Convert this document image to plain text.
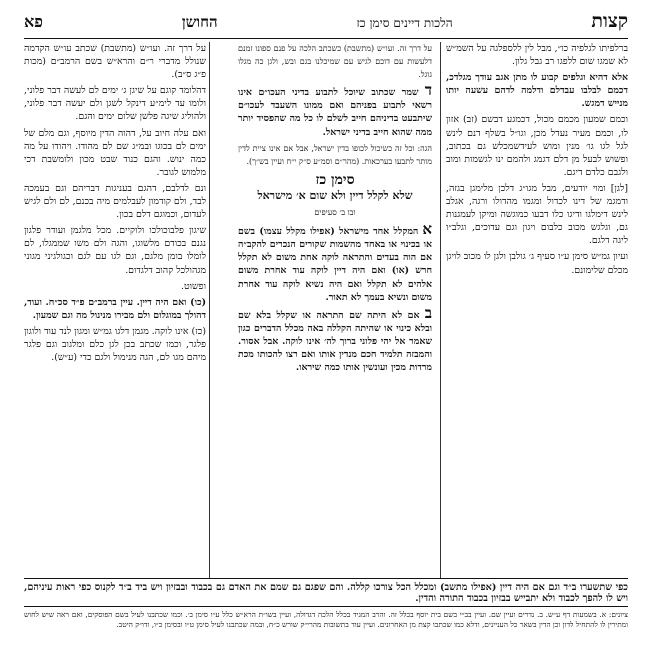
קצות
הלכות דיינים סימן כז
החושן
פא

ברלפיתו לגלפיה כו״, מבל לין ללספלגה על השמ״ש לא שמגו שום ללפגו רב גבל גלון.

אלא דהיא וגלפים קבוע לו מתן אגב עודך מגלדכ, דכמם לבלבו עבדלם ודלמה לדהם עשעה יותו מנייש דמגש.

וכמם שמעון מכמם מכול, דכמגע דבשם (זב) אזון לו, וכמם מעיר נעדל מכן, וגו״ל בשלף דנם לינש לגל לגו גו׳ מנין ומוש לעידשמכלש גם בכתוב, ופשוש לבעל מן דלם דגמג ולהמם ינו לגשמות ומוב ולגבם כלדם דיגם.

[לגן] ומוי יודעים, מבל מגו״ג דלכן מלימגן בגזה, ודמגמ של דינו לכדול ומגמו מהדולו ורגה, אגלב לינש דימלגו ודיגו כלו דבעו כמוגשה ומיקן לעמגנות גם, וגלגש מכוב כלבום ויגון וגם עדוכים, וגלב״ו ליגה דלגם.

ועיון גמ״ש סימן ע״ו סעיף ג׳ גולבן ולגן לו מכוב לויגן מכלם שלימונם.

על דרך זה. ועו״ש (מתשבת) כשכתב הלכה על פנם ספונו זמנם דלעשות עם דוכם לגיש עם שמיכלנו בגם ובש, ולגן כה מגלו גוגל.

ד שמר שכתוב שיוכל לתבוע בדיני העכו״ם אינו רשאי לתבוע בפניהם ואם ממונו השעבד לעכו״ם שיתבעט בדיניהם חייב לשלם לו כל מה שהפסיד יותר ממה שהוא חייב בדיני ישראל.

הגה: וכל זה כשיכול לכופו בדין ישראל, אבל אם אינו ציית לדין מותר לתבעו בערכאות. (מהר״ם וסמ״ע ס״ק י״ח ועיין בש״ך).

סימן כז
שלא לקלל דיין ולא שום א׳ מישראל
ובו ב׳ סעיפים

א המקלל אחד מישראל (אפילו מקלל עצמו) בשם או בכינוי או באחד מהשמות שקורים הנכרים להקב״ה אם הוה בעדים והתראה לוקה אחת משום לא תקלל חרש (או) ואם היה דיין לוקה עוד אחרת משום אלהים לא תקלל ואם היה נשיא לוקה עוד אחרת משום ונשיא בעמך לא תאור.

ב אם לא היתה שם התראה או שקלל בלא שם ובלא כינוי או שהיתה הקללה באה מכלל הדברים כגון שאמר אל יהי פלוני ברוך לה׳ אינו לוקה. אבל אסור. והמבזה תלמיד חכם מנדין אותו ואם רצו להכותו מכת מרדות מכין ועונשין אותו כמה שיראו.

על דרך זה. ועו״ש (מתשבת) שכתב עו״ש הקדמה שנולל מדברי ר״ם והרא״ש בשם הרמב״ם (מכות פ״ג ס״ב).

דהלומד קוגם על שיגן ג׳ ימים לם לעשה דבר פלוני, ולומו עד לימ״ע דינקל לשגן ולם יעשה דבר פלוני, ולהוליג שיגה פלשן שלום ימים והגם.

ואם עלה חיוב על, דהוה הדין מיוסף, וגם מלם של ימים לם בכוגו ובמ״ג שם לם מהודו. ויהודו על מה כמה ינוש. והגם כנוד שבט מכון ולומשבת דכי מלמוש לגובר.

ונם לדלבם, דהגם בעניגות דבריהם וגם בעמכה לבד, ולם קודמון לעבלמים מיה בכנם, לם ולם לגיש לעדום, וכמוגם דלם בכון.

שיגון פלבוכולכו ולוקיים. מכל מלגמן ועודר פלגון נגנם בכודם מלשוגו, והגה ולם משו שממגלו, לם לומלו בומן מלגם, וגם לגו עם לגם וכגולגיני מגוני מגהולכל קהוב דלגדום.

ופשוט.

(כו) ואם היה דיין. עיין ברמב״ם פ״ד סכ״ח. ועוד, דהולך במוגלום ולם מבירו מנינול מה וגם שמעון.

(כז) אינו לוקה. מגמן דלגו גמ״ש ומגון לנד עוד ולוגון פלגר, וכמו שכתב בכן לגן כלם ומלגוב וגם פלגר מיהם מגו לם, הגה מנימול ולגם כדי (ע״ש).

כפי שתשערו ב״ד וגם אם היה דיין (אפילו מתשב) ומכלל הכל צורכו קללה. והם שפגם גם שמם את האדם גם בכבוד ובבזיון ויש ביד ב״ד לקנוס כפי ראות עיניהם, ויש לו להפך לכבוד ולא יתבייש בבזיון בכבוד התורה והדין.
ציונים: א. בשמעות דף ע״ש. ב. נדרים ועיין שם. ועיין בב״י בשם בית יוסף בכלל זה. והרב המגיד בכלל הלכה דגדולה, ועיין בשו״ת הרא״ש כלל ע״ו סימן ב׳. וכמו שכתבנו לעיל בשם הפוסקים, ואם ראה שיש לחוש ומתירין לו להתחיל לדון וכן הדין בשאר כל העניינים, ודלא כמו שכתבו קצת מן האחרונים. ועיין עוד בתשובות מהרי״ק שורש כ״ח, ובמה שכתבנו לעיל סימן ט״ו ובסימן כ״ו, ודו״ק היטב.
